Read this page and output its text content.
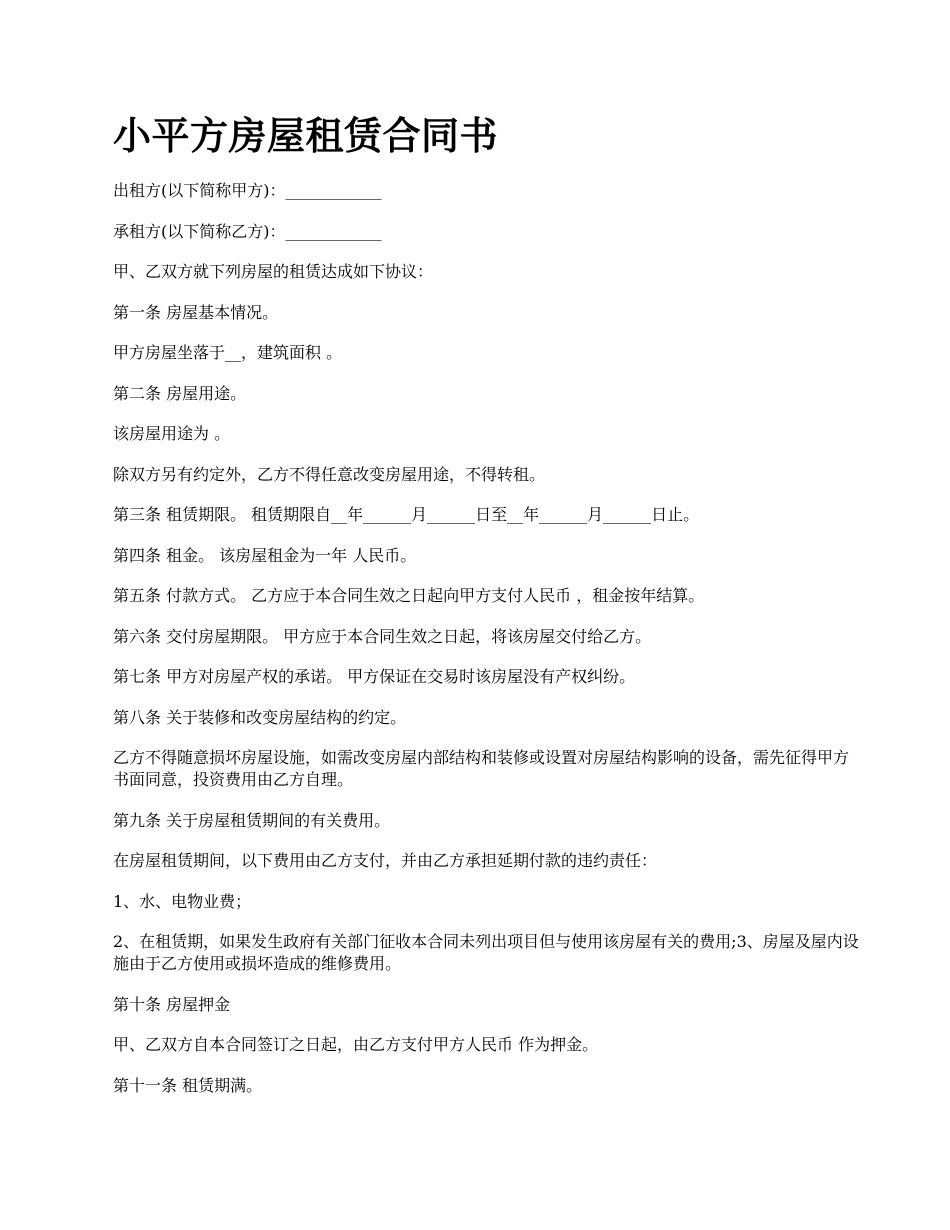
小平方房屋租赁合同书

出租方(以下简称甲方)：____________

承租方(以下简称乙方)：____________

甲、乙双方就下列房屋的租赁达成如下协议：

第一条 房屋基本情况。

甲方房屋坐落于__，建筑面积 。

第二条 房屋用途。

该房屋用途为 。

除双方另有约定外，乙方不得任意改变房屋用途，不得转租。

第三条 租赁期限。 租赁期限自__年______月______日至__年______月______日止。

第四条 租金。 该房屋租金为一年 人民币。

第五条 付款方式。 乙方应于本合同生效之日起向甲方支付人民币 ，租金按年结算。

第六条 交付房屋期限。 甲方应于本合同生效之日起，将该房屋交付给乙方。

第七条 甲方对房屋产权的承诺。 甲方保证在交易时该房屋没有产权纠纷。

第八条 关于装修和改变房屋结构的约定。

乙方不得随意损坏房屋设施，如需改变房屋内部结构和装修或设置对房屋结构影响的设备，需先征得甲方书面同意，投资费用由乙方自理。

第九条 关于房屋租赁期间的有关费用。

在房屋租赁期间，以下费用由乙方支付，并由乙方承担延期付款的违约责任：

1、水、电物业费；

2、在租赁期，如果发生政府有关部门征收本合同未列出项目但与使用该房屋有关的费用;3、房屋及屋内设施由于乙方使用或损坏造成的维修费用。

第十条 房屋押金

甲、乙双方自本合同签订之日起，由乙方支付甲方人民币 作为押金。

第十一条 租赁期满。
